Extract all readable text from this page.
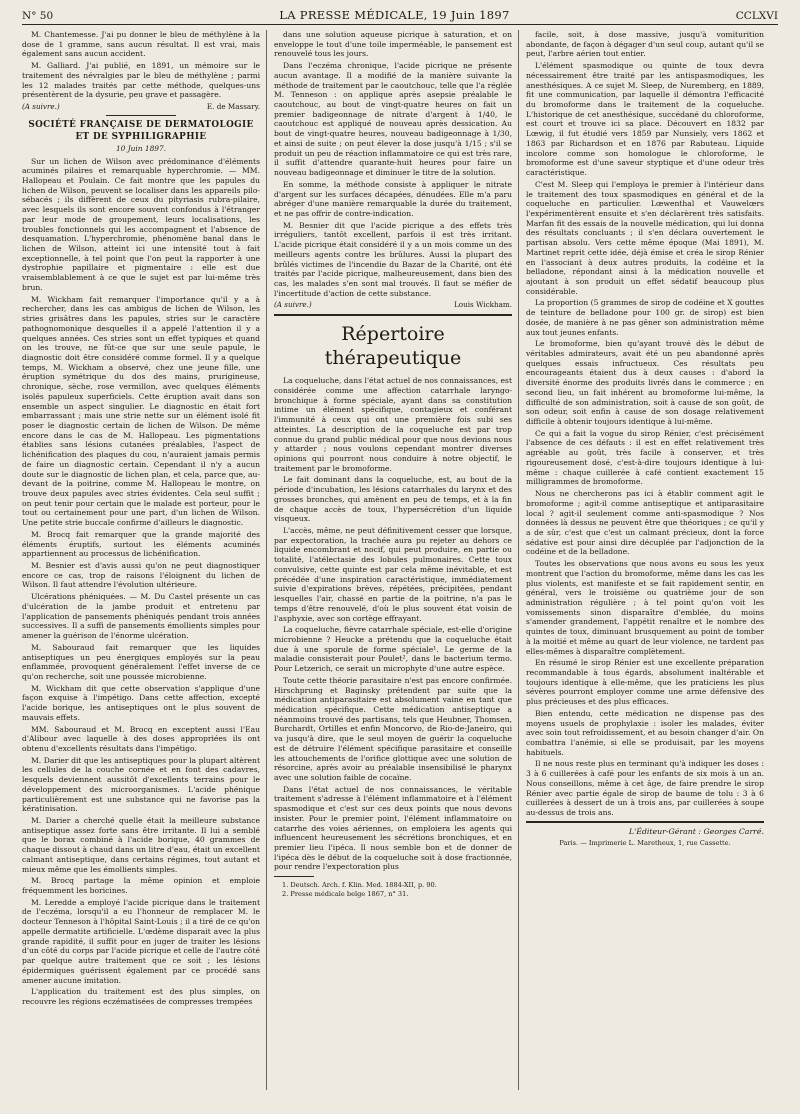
N° 50	LA PRESSE MÉDICALE, 19 Juin 1897	CCLXVI

M. Chantemesse. J'ai pu donner le bleu de méthylène à la dose de 1 gramme, sans aucun résultat. Il est vrai, mais également sans aucun accident.

M. Galliard. J'ai publié, en 1891, un mémoire sur le traitement des névralgies par le bleu de méthylène ; parmi les 12 malades traités par cette méthode, quelques-uns présentèrent de la dysurie, peu grave et passagère.

(A suivre.)	E. de Massary.
SOCIÉTÉ FRANÇAISE DE DERMATOLOGIE ET DE SYPHILIGRAPHIE
10 Juin 1897.

Sur un lichen de Wilson avec prédominance d'éléments acuminés pilaires et remarquable hyperchromie. — MM. Hallopeau et Poulain. Ce fait montre que les papules du lichen de Wilson, peuvent se localiser dans les appareils pilo-sébacés ; ils diffèrent de ceux du pityriasis rubra-pilaire, avec lesquels ils sont encore souvent confondus à l'étranger par leur mode de groupement, leurs localisations, les troubles fonctionnels qui les accompagnent et l'absence de desquamation. L'hyperchromie, phénomène banal dans le lichen de Wilson, atteint ici une intensité tout à fait exceptionnelle, à tel point que l'on peut la rapporter à une dystrophie papillaire et pigmentaire : elle est due vraisemblablement à ce que le sujet est par lui-même très brun.

M. Wickham fait remarquer l'importance qu'il y a à rechercher, dans les cas ambigus de lichen de Wilson, les stries grisâtres dans les papules, stries sur le caractère pathognomonique desquelles il a appelé l'attention il y a quelques années. Ces stries sont un effet typiques et quand on les trouve, ne fût-ce que sur une seule papule, le diagnostic doit être considéré comme formel. Il y a quelque temps, M. Wickham a observé, chez une jeune fille, une éruption symétrique du dos des mains, prurigineuse, chronique, sèche, rose vermillon, avec quelques éléments isolés papuleux superficiels. Cette éruption avait dans son ensemble un aspect singulier. Le diagnostic en était fort embarrassant ; mais une strie nette sur un élément isolé fit poser le diagnostic certain de lichen de Wilson. De même encore dans le cas de M. Hallopeau. Les pigmentations établies sans lésions cutanées préalables, l'aspect de lichénification des plaques du cou, n'auraient jamais permis de faire un diagnostic certain. Cependant il n'y a aucun doute sur le diagnostic de lichen plan, et cela, parce que, au-devant de la poitrine, comme M. Hallopeau le montre, on trouve deux papules avec stries évidentes. Cela seul suffit ; on peut tenir pour certain que le malade est porteur, pour le tout ou certainement pour une part, d'un lichen de Wilson. Une petite strie buccale confirme d'ailleurs le diagnostic.

M. Brocq fait remarquer que la grande majorité des éléments éruptifs, surtout les éléments acuminés appartiennent au processus de lichénification.

M. Besnier est d'avis aussi qu'on ne peut diagnostiquer encore ce cas, trop de raisons l'éloignent du lichen de Wilson. Il faut attendre l'évolution ultérieure.

Ulcérations phéniquées. — M. Du Castel présente un cas d'ulcération de la jambe produit et entretenu par l'application de pansements phéniqués pendant trois années successives. Il a suffi de pansements émollients simples pour amener la guérison de l'énorme ulcération.

M. Sabouraud fait remarquer que les liquides antiseptiques un peu énergiques employés sur la peau enflammée, provoquent généralement l'effet inverse de ce qu'on recherche, soit une poussée microbienne.

M. Wickham dit que cette observation s'applique d'une façon exquise à l'impétigo. Dans cette affection, excepté l'acide borique, les antiseptiques ont le plus souvent de mauvais effets.

MM. Sabouraud et M. Brocq en exceptent aussi l'Eau d'Alibour avec laquelle à des doses appropriées ils ont obtenu d'excellents résultats dans l'impétigo.

M. Darier dit que les antiseptiques pour la plupart altèrent les cellules de la couche cornée et en font des cadavres, lesquels deviennent aussitôt d'excellents terrains pour le développement des microorganismes. L'acide phénique particulièrement est une substance qui ne favorise pas la kératinisation.

M. Darier a cherché quelle était la meilleure substance antiseptique assez forte sans être irritante. Il lui a semblé que le borax combiné à l'acide borique, 40 grammes de chaque dissout à chaud dans un litre d'eau, était un excellent calmant antiseptique, dans certains régimes, tout autant et mieux même que les émollients simples.

M. Brocq partage la même opinion et emploie fréquemment les boricines.

M. Leredde a employé l'acide picrique dans le traitement de l'eczéma, lorsqu'il a eu l'honneur de remplacer M. le docteur Tenneson à l'hôpital Saint-Louis ; il a tiré de ce qu'on appelle dermatite artificielle. L'œdème disparait avec la plus grande rapidité, il suffit pour en juger de traiter les lésions d'un côté du corps par l'acide picrique et celle de l'autre côté par quelque autre traitement que ce soit ; les lésions épidermiques guérissent également par ce procédé sans amener aucune imitation.

L'application du traitement est des plus simples, on recouvre les régions eczématisées de compresses trempées

dans une solution aqueuse picrique à saturation, et on enveloppe le tout d'une toile imperméable, le pansement est renouvelé tous les jours.

Dans l'eczéma chronique, l'acide picrique ne présente aucun avantage. Il a modifié de la manière suivante la méthode de traitement par le caoutchouc, telle que l'a réglée M. Tenneson : on applique après asepsie préalable le caoutchouc, au bout de vingt-quatre heures on fait un premier badigeonnage de nitrate d'argent à 1/40, le caoutchouc est appliqué de nouveau après dessication. Au bout de vingt-quatre heures, nouveau badigeonnage à 1/30, et ainsi de suite ; on peut élever la dose jusqu'à 1/15 ; s'il se produit un peu de réaction inflammatoire ce qui est très rare, il suffit d'attendre quarante-huit heures pour faire un nouveau badigeonnage et diminuer le titre de la solution.

En somme, la méthode consiste à appliquer le nitrate d'argent sur les surfaces décapées, dénudées. Elle m'a paru abréger d'une manière remarquable la durée du traitement, et ne pas offrir de contre-indication.

M. Besnier dit que l'acide picrique a des effets très irréguliers, tantôt excellent, parfois il est très irritant. L'acide picrique était considéré il y a un mois comme un des meilleurs agents contre les brûlures. Aussi la plupart des brûlés victimes de l'incendie du Bazar de la Charité, ont été traités par l'acide picrique, malheureusement, dans bien des cas, les malades s'en sont mal trouvés. Il faut se méfier de l'incertitude d'action de cette substance.

(A suivre.)	Louis Wickham.
Répertoire thérapeutique

La coqueluche, dans l'état actuel de nos connaissances, est considérée comme une affection catarrhale laryngo-bronchique à forme spéciale, ayant dans sa constitution intime un élément spécifique, contagieux et conférant l'immunité à ceux qui ont une première fois subi ses atteintes. La description de la coqueluche est par trop connue du grand public médical pour que nous devions nous y attarder ; nous voulons cependant montrer diverses opinions qui pourront nous conduire à notre objectif, le traitement par le bromoforme.

Le fait dominant dans la coqueluche, est, au bout de la période d'incubation, les lésions catarrhales du larynx et des grosses bronches, qui amènent en peu de temps, et à la fin de chaque accès de toux, l'hypersécrétion d'un liquide visqueux.

L'accès, même, ne peut définitivement cesser que lorsque, par expectoration, la trachée aura pu rejeter au dehors ce liquide encombrant et nocif, qui peut produire, en partie ou totalité, l'atélectasie des lobules pulmonaires. Cette toux convulsive, cette quinte est par cela même inévitable, et est précédée d'une inspiration caractéristique, immédiatement suivie d'expirations brèves, répétées, précipitées, pendant lesquelles l'air, chassé en partie de la poitrine, n'a pas le temps d'être renouvelé, d'où le plus souvent état voisin de l'asphyxie, avec son cortège effrayant.

La coqueluche, fièvre catarrhale spéciale, est-elle d'origine microbienne ? Heucke a prétendu que la coqueluche était due à une sporule de forme spéciale¹. Le germe de la maladie consisterait pour Poulet², dans le bacterium termo. Pour Letzerich, ce serait un microphyte d'une autre espèce.

Toute cette théorie parasitaire n'est pas encore confirmée. Hirschprung et Baginsky prétendent par suite que la médication antiparasitaire est absolument vaine en tant que médication spécifique. Cette médication antiseptique a néanmoins trouvé des partisans, tels que Heubner, Thomsen, Burchardt, Ortilles et enfin Moncorvo, de Rio-de-Janeiro, qui va jusqu'à dire, que le seul moyen de guérir la coqueluche est de détruire l'élément spécifique parasitaire et conseille les attouchements de l'orifice glottique avec une solution de résorcine, après avoir au préalable insensibilisé le pharynx avec une solution faible de cocaïne.

Dans l'état actuel de nos connaissances, le véritable traitement s'adresse à l'élément inflammatoire et à l'élément spasmodique et c'est sur ces deux points que nous devons insister. Pour le premier point, l'élément inflammatoire ou catarrhe des voies aériennes, on emploiera les agents qui influencent heureusement les sécrétions bronchiques, et en premier lieu l'ipéca. Il nous semble bon et de donner de l'ipéca dès le début de la coqueluche soit à dose fractionnée, pour rendre l'expectoration plus

1. Deutsch. Arch. f. Klin. Med. 1884-XII, p. 90.
2. Presse médicale belge 1867, n° 31.

facile, soit, à dose massive, jusqu'à vomiturition abondante, de façon à dégager d'un seul coup, autant qu'il se peut, l'arbre aérien tout entier.

L'élément spasmodique ou quinte de toux devra nécessairement être traité par les antispasmodiques, les anesthésiques. A ce sujet M. Sleep, de Nuremberg, en 1889, fit une communication, par laquelle il démontra l'efficacité du bromoforme dans le traitement de la coqueluche. L'historique de cet anesthésique, succédané du chloroforme, est court et trouve ici sa place. Découvert en 1832 par Lœwig, il fut étudié vers 1859 par Nunsiely, vers 1862 et 1863 par Richardson et en 1876 par Rabuteau. Liquide incolore comme son homologue le chloroforme, le bromoforme est d'une saveur styptique et d'une odeur très caractéristique.

C'est M. Sleep qui l'employa le premier à l'intérieur dans le traitement des toux spasmodiques en général et de la coqueluche en particulier. Lœwenthal et Vauwelœrs l'expérimentèrent ensuite et s'en déclarèrent très satisfaits. Marfan fit des essais de la nouvelle médication, qui lui donna des résultats concluants ; il s'en déclara ouvertement le partisan absolu. Vers cette même époque (Mai 1891), M. Martinet reprit cette idée, déjà émise et créa le sirop Rénier en l'associant à deux autres produits, la codéine et la belladone, répondant ainsi à la médication nouvelle et ajoutant à son produit un effet sédatif beaucoup plus considérable.

La proportion (5 grammes de sirop de codéine et X gouttes de teinture de belladone pour 100 gr. de sirop) est bien dosée, de manière à ne pas gêner son administration même aux tout jeunes enfants.

Le bromoforme, bien qu'ayant trouvé dès le début de véritables admirateurs, avait été un peu abandonné après quelques essais infructueux. Ces résultats peu encourageants étaient dus à deux causes : d'abord la diversité énorme des produits livrés dans le commerce ; en second lieu, un fait inhérent au bromoforme lui-même, la difficulté de son administration, soit à cause de son goût, de son odeur, soit enfin à cause de son dosage relativement difficile à obtenir toujours identique à lui-même.

Ce qui a fait la vogue du sirop Rénier, c'est précisément l'absence de ces défauts : il est en effet relativement très agréable au goût, très facile à conserver, et très rigoureusement dosé, c'est-à-dire toujours identique à lui-même : chaque cuillerée à café contient exactement 15 milligrammes de bromoforme.

Nous ne chercherons pas ici à établir comment agit le bromoforme ; agit-il comme antiseptique et antiparasitaire local ? agit-il seulement comme anti-spasmodique ? Nos données là dessus ne peuvent être que théoriques ; ce qu'il y a de sûr, c'est que c'est un calmant précieux, dont la force sédative est pour ainsi dire décuplée par l'adjonction de la codéine et de la belladone.

Toutes les observations que nous avons eu sous les yeux montrent que l'action du bromoforme, même dans les cas les plus violents, est manifeste et se fait rapidement sentir, en général, vers le troisième ou quatrième jour de son administration régulière ; à tel point qu'on voit les vomissements sinon disparaître d'emblée, du moins s'amender grandement, l'appétit renaître et le nombre des quintes de toux, diminuant brusquement au point de tomber à la moitié et même au quart de leur violence, ne tardent pas elles-mêmes à disparaître complètement.

En résumé le sirop Rénier est une excellente préparation recommandable à tous égards, absolument inaltérable et toujours identique à elle-même, que les praticiens les plus sévères pourront employer comme une arme défensive des plus précieuses et des plus efficaces.

Bien entendu, cette médication ne dispense pas des moyens usuels de prophylaxie : isoler les malades, éviter avec soin tout refroidissement, et au besoin changer d'air. On combattra l'anémie, si elle se produisait, par les moyens habituels.

Il ne nous reste plus en terminant qu'à indiquer les doses : 3 à 6 cuillerées à café pour les enfants de six mois à un an. Nous conseillons, même à cet âge, de faire prendre le sirop Rénier avec partie égale de sirop de baume de tolu : 3 à 6 cuillerées à dessert de un à trois ans, par cuillerées à soupe au-dessus de trois ans.

L'Éditeur-Gérant : Georges Carré.
Paris. — Imprimerie L. Maretheux, 1, rue Cassette.
